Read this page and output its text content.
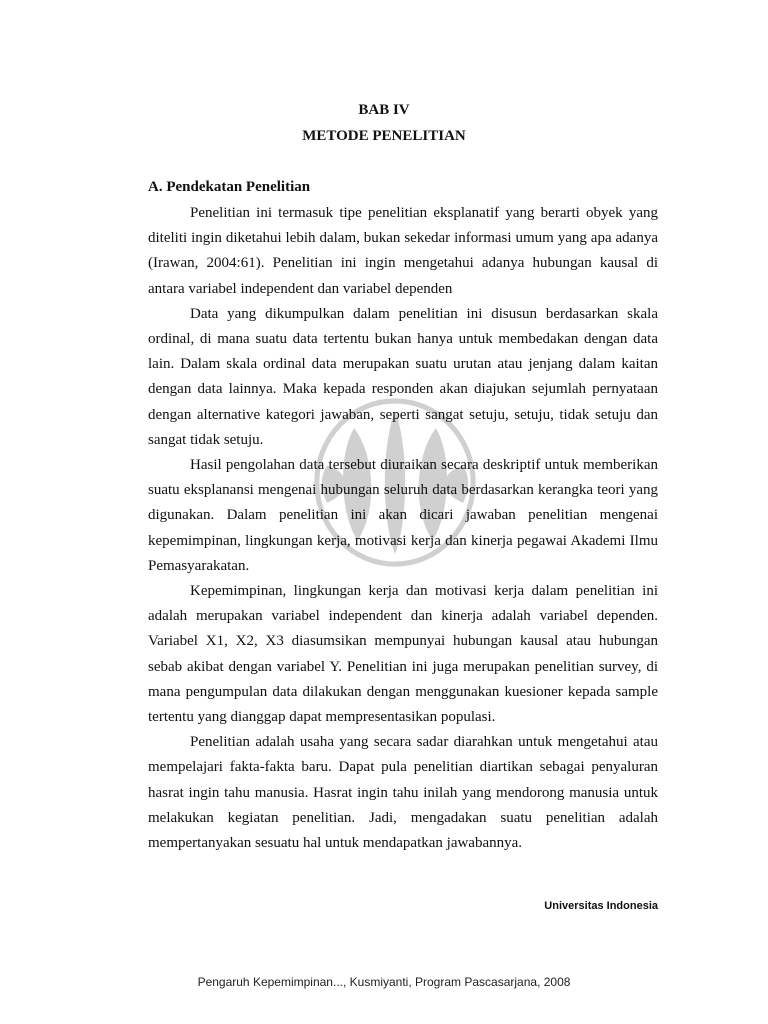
BAB IV
METODE PENELITIAN
A. Pendekatan Penelitian

Penelitian ini termasuk tipe penelitian eksplanatif yang berarti obyek yang diteliti ingin diketahui lebih dalam, bukan sekedar informasi umum yang apa adanya (Irawan, 2004:61). Penelitian ini ingin mengetahui adanya hubungan kausal di antara variabel independent dan variabel dependen

Data yang dikumpulkan dalam penelitian ini disusun berdasarkan skala ordinal, di mana suatu data tertentu bukan hanya untuk membedakan dengan data lain. Dalam skala ordinal data merupakan suatu urutan atau jenjang dalam kaitan dengan data lainnya. Maka kepada responden akan diajukan sejumlah pernyataan dengan alternative kategori jawaban, seperti sangat setuju, setuju, tidak setuju dan sangat tidak setuju.

Hasil pengolahan data tersebut diuraikan secara deskriptif untuk memberikan suatu eksplanansi mengenai hubungan seluruh data berdasarkan kerangka teori yang digunakan. Dalam penelitian ini akan dicari jawaban penelitian mengenai kepemimpinan, lingkungan kerja, motivasi kerja dan kinerja pegawai Akademi Ilmu Pemasyarakatan.

Kepemimpinan, lingkungan kerja dan motivasi kerja dalam penelitian ini adalah merupakan variabel independent dan kinerja adalah variabel dependen. Variabel X1, X2, X3 diasumsikan mempunyai hubungan kausal atau hubungan sebab akibat dengan variabel Y. Penelitian ini juga merupakan penelitian survey, di mana pengumpulan data dilakukan dengan menggunakan kuesioner kepada sample tertentu yang dianggap dapat mempresentasikan populasi.

Penelitian adalah usaha yang secara sadar diarahkan untuk mengetahui atau mempelajari fakta-fakta baru. Dapat pula penelitian diartikan sebagai penyaluran hasrat ingin tahu manusia. Hasrat ingin tahu inilah yang mendorong manusia untuk melakukan kegiatan penelitian. Jadi, mengadakan suatu penelitian adalah mempertanyakan sesuatu hal untuk mendapatkan jawabannya.

Universitas Indonesia
Pengaruh Kepemimpinan..., Kusmiyanti, Program Pascasarjana, 2008
